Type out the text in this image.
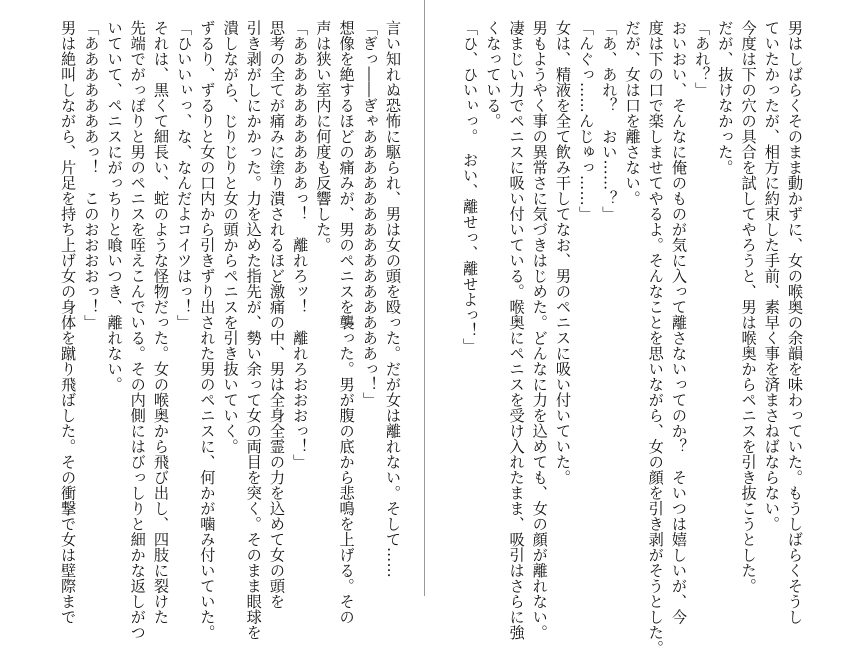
男はしばらくそのまま動かずに、女の喉奥の余韻を味わっていた。もうしばらくそうし
ていたかったが、相方に約束した手前、素早く事を済まさねばならない。
今度は下の穴の具合を試してやろうと、男は喉奥からペニスを引き抜こうとした。
だが、抜けなかった。
「あれ？」
おいおい、そんなに俺のものが気に入って離さないってのか？　そいつは嬉しいが、今
度は下の口で楽しませてやるよ。そんなことを思いながら、女の顔を引き剥がそうとした。
だが、女は口を離さない。
「あ、あれ？　おい……？」
「んぐっ……んじゅっ……」
女は、精液を全て飲み干してなお、男のペニスに吸い付いていた。
男もようやく事の異常さに気づきはじめた。どんなに力を込めても、女の顔が離れない。
凄まじい力でペニスに吸い付いている。喉奥にペニスを受け入れたまま、吸引はさらに強
くなっている。
「ひ、ひいぃっ。　おい、離せっ、離せよっ！」
言い知れぬ恐怖に駆られ、男は女の頭を殴った。だが女は離れない。そして……
「ぎっ――ぎゃあああああああああああああああっ！」
想像を絶するほどの痛みが、男のペニスを襲った。男が腹の底から悲鳴を上げる。その
声は狭い室内に何度も反響した。
「ああああああああああっ！　離れろッ！　離れろおおおっ！」
思考の全てが痛みに塗り潰されるほど激痛の中、男は全身全霊の力を込めて女の頭を
引き剥がしにかかった。力を込めた指先が、勢い余って女の両目を突く。そのまま眼球を
潰しながら、じりじりと女の頭からペニスを引き抜いていく。
ずるり、ずるりと女の口内から引きずり出された男のペニスに、何かが噛み付いていた。
「ひいいぃっ、な、なんだよコイツはっ！」
それは、黒くて細長い、蛇のような怪物だった。女の喉奥から飛び出し、四肢に裂けた
先端でがっぽりと男のペニスを咥えこんでいる。その内側にはびっしりと細かな返しがつ
いていて、ペニスにがっちりと喰いつき、離れない。
「あああああああっ！　このおおおおっ！」
男は絶叫しながら、片足を持ち上げ女の身体を蹴り飛ばした。その衝撃で女は壁際まで
